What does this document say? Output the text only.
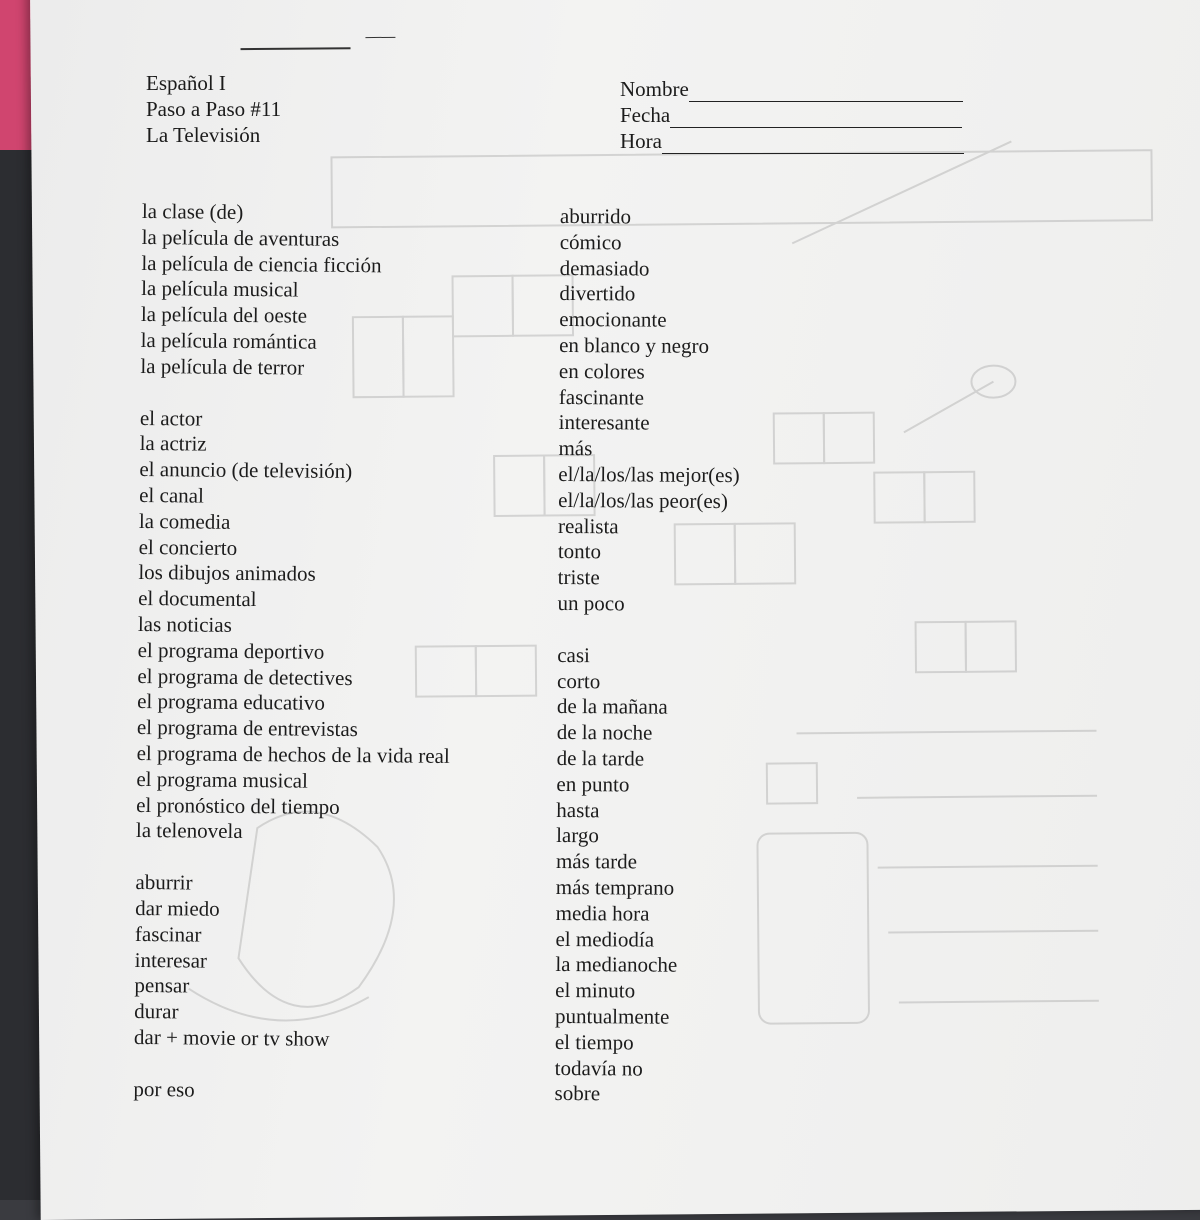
Español I
Paso a Paso #11
La Televisión
Nombre
Fecha
Hora
la clase (de)
la película de aventuras
la película de ciencia ficción
la película musical
la película del oeste
la película romántica
la película de terror
el actor
la actriz
el anuncio (de televisión)
el canal
la comedia
el concierto
los dibujos animados
el documental
las noticias
el programa deportivo
el programa de detectives
el programa educativo
el programa de entrevistas
el programa de hechos de la vida real
el programa musical
el pronóstico del tiempo
la telenovela
aburrir
dar miedo
fascinar
interesar
pensar
durar
dar + movie or tv show
por eso
aburrido
cómico
demasiado
divertido
emocionante
en blanco y negro
en colores
fascinante
interesante
más
el/la/los/las mejor(es)
el/la/los/las peor(es)
realista
tonto
triste
un poco
casi
corto
de la mañana
de la noche
de la tarde
en punto
hasta
largo
más tarde
más temprano
media hora
el mediodía
la medianoche
el minuto
puntualmente
el tiempo
todavía no
sobre
